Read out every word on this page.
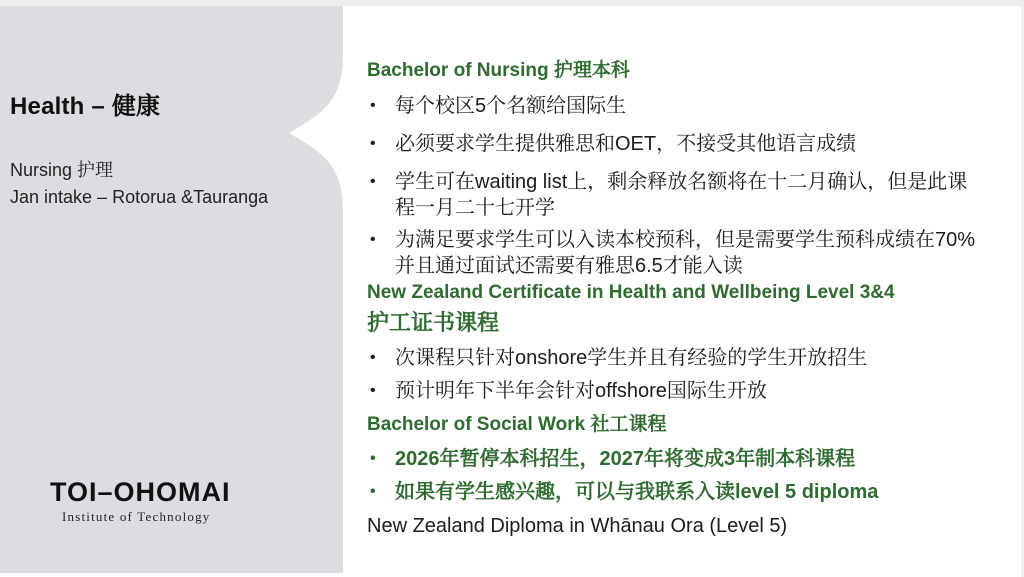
Health – 健康

Nursing 护理

Jan intake – Rotorua &Tauranga

TOI–OHOMAI
Institute of Technology
Bachelor of Nursing 护理本科
• 每个校区5个名额给国际生
• 必须要求学生提供雅思和OET，不接受其他语言成绩
• 学生可在waiting list上，剩余释放名额将在十二月确认，但是此课程一月二十七开学
• 为满足要求学生可以入读本校预科，但是需要学生预科成绩在70%并且通过面试还需要有雅思6.5才能入读
New Zealand Certificate in Health and Wellbeing Level 3&4
护工证书课程
• 次课程只针对onshore学生并且有经验的学生开放招生
• 预计明年下半年会针对offshore国际生开放
Bachelor of Social Work 社工课程
• 2026年暂停本科招生，2027年将变成3年制本科课程
• 如果有学生感兴趣，可以与我联系入读level 5 diploma
New Zealand Diploma in Whānau Ora (Level 5)
